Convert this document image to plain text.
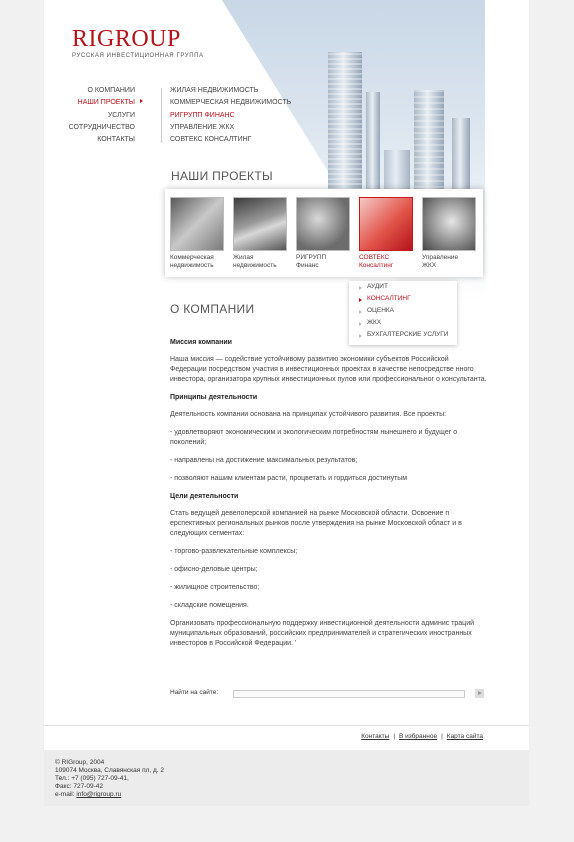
RIGROUP
РУССКАЯ ИНВЕСТИЦИОННАЯ ГРУППА
О КОМПАНИИ
НАШИ ПРОЕКТЫ
УСЛУГИ
СОТРУДНИЧЕСТВО
КОНТАКТЫ
ЖИЛАЯ НЕДВИЖИМОСТЬ
КОММЕРЧЕСКАЯ НЕДВИЖИМОСТЬ
РИГРУПП ФИНАНС
УПРАВЛЕНИЕ ЖКХ
СОВТЕКС КОНСАЛТИНГ
НАШИ ПРОЕКТЫ
Коммерческая
недвижимость
Жилая
недвижимость
РИГРУПП
Финанс
СОВТЕКС
Консалтинг
Управление
ЖКХ
АУДИТ
КОНСАЛТИНГ
ОЦЕНКА
ЖКХ
БУХГАЛТЕРСКИЕ УСЛУГИ
О КОМПАНИИ
Миссия компании

Наша миссия — содействие устойчивому развитию экономики субъектов Российской Федерации посредством участия в инвестиционных проектах в качестве непосредстве нного инвестора, организатора крупных инвестиционных пулов или профессиональног о консультанта.

Принципы деятельности

Деятельность компании основана на принципах устойчивого развития. Все проекты:

- удовлетворяют экономическим и экологическим потребностям нынешнего и будущег о поколений;

- направлены на достижение максимальных результатов;

- позволяют нашим клиентам расти, процветать и гордиться достинутым

Цели деятельности

Стать ведущей девелоперской компанией на рынке Московской области. Освоение п ерспективных региональных рынков после утверждения на рынке Московской област и в следующих сегментах:

- торгово-развлекательные комплексы;

- офисно-деловые центры;

- жилищное строительство;

- складские помещения.

Организовать профессиональную поддержку инвестиционной деятельности админис траций муниципальных образований, российских предпринимателей и стратегических иностранных инвесторов в Российской Федерации. '

Найти на сайте:
Контакты | В избранное | Карта сайта
© RIGroup, 2004
109074 Москва, Славянская пл, д. 2
Тел.: +7 (095) 727-09-41,
Факс: 727-09-42
e-mail: info@rigroup.ru
